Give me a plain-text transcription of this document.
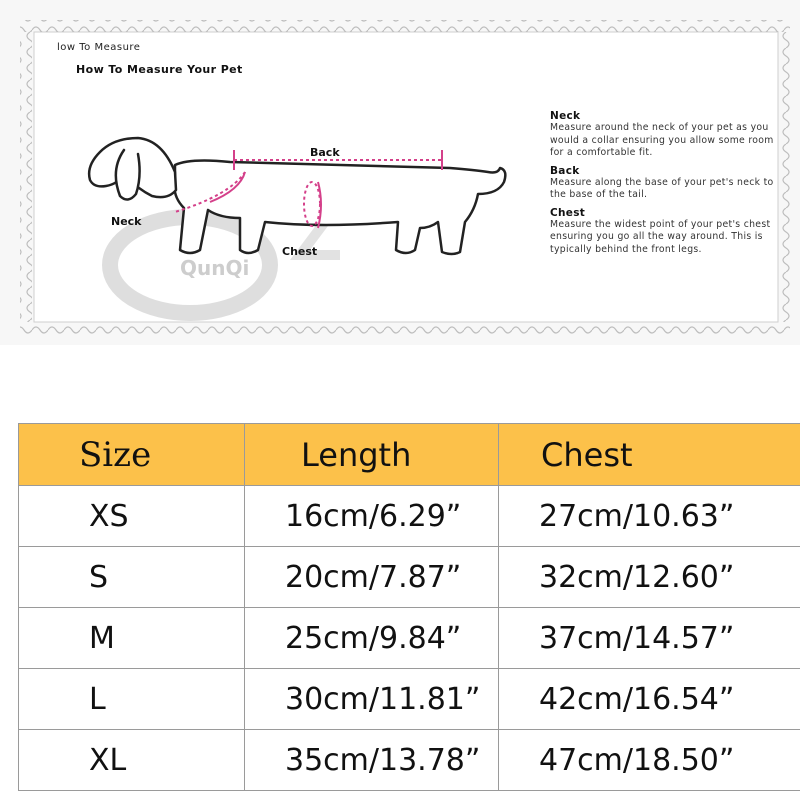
low To Measure
How To Measure Your Pet
QunQi
Back
Neck
Chest
Neck
Measure around the neck of your pet as you would a collar ensuring you allow some room for a comfortable fit.
Back
Measure along the base of your pet's neck to the base of the tail.
Chest
Measure the widest point of your pet's chest ensuring you go all the way around. This is typically behind the front legs.
Size	Length	Chest
XS	16cm/6.29”	27cm/10.63”
S	20cm/7.87”	32cm/12.60”
M	25cm/9.84”	37cm/14.57”
L	30cm/11.81”	42cm/16.54”
XL	35cm/13.78”	47cm/18.50”
